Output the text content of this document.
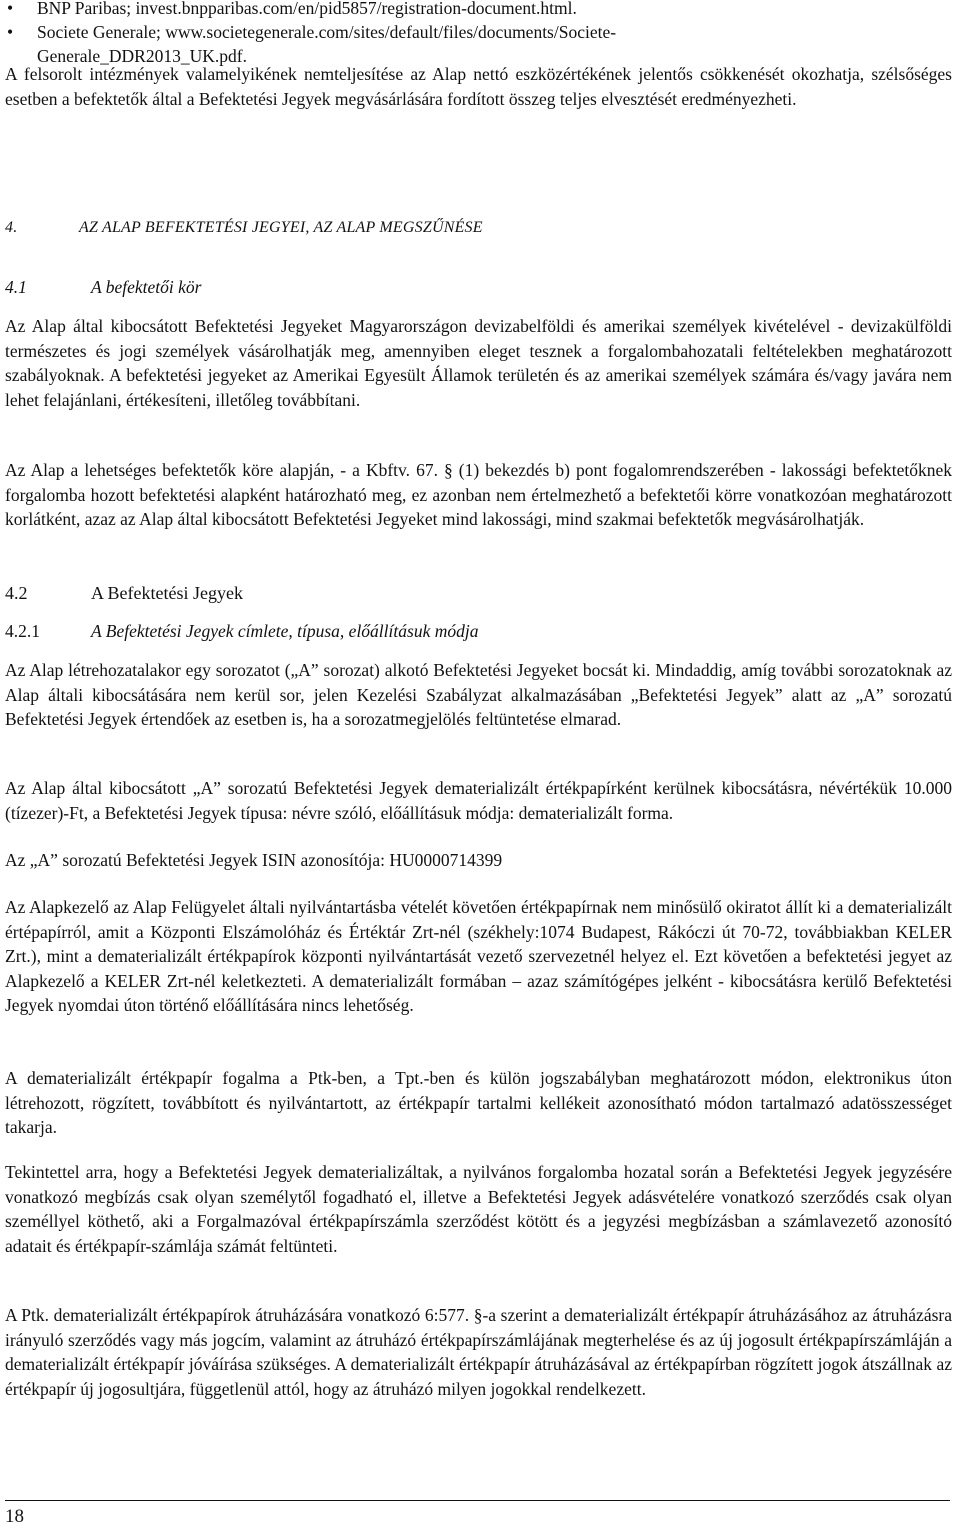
•	BNP Paribas; invest.bnpparibas.com/en/pid5857/registration-document.html.
•	Societe Generale; www.societegenerale.com/sites/default/files/documents/Societe-
Generale_DDR2013_UK.pdf.

A felsorolt intézmények valamelyikének nemteljesítése az Alap nettó eszközértékének jelentős csökkenését okozhatja, szélsőséges esetben a befektetők által a Befektetési Jegyek megvásárlására fordított összeg teljes elvesztését eredményezheti.

4.	AZ ALAP BEFEKTETÉSI JEGYEI, AZ ALAP MEGSZŰNÉSE
4.1	A befektetői kör

Az Alap által kibocsátott Befektetési Jegyeket Magyarországon devizabelföldi és amerikai személyek kivételével - devizakülföldi természetes és jogi személyek vásárolhatják meg, amennyiben eleget tesznek a forgalombahozatali feltételekben meghatározott szabályoknak. A befektetési jegyeket az Amerikai Egyesült Államok területén és az amerikai személyek számára és/vagy javára nem lehet felajánlani, értékesíteni, illetőleg továbbítani.

Az Alap a lehetséges befektetők köre alapján, - a Kbftv. 67. § (1) bekezdés b) pont fogalomrendszerében - lakossági befektetőknek forgalomba hozott befektetési alapként határozható meg, ez azonban nem értelmezhető a befektetői körre vonatkozóan meghatározott korlátként, azaz az Alap által kibocsátott Befektetési Jegyeket mind lakossági, mind szakmai befektetők megvásárolhatják.

4.2	A Befektetési Jegyek
4.2.1	A Befektetési Jegyek címlete, típusa, előállításuk módja

Az Alap létrehozatalakor egy sorozatot („A” sorozat) alkotó Befektetési Jegyeket bocsát ki. Mindaddig, amíg további sorozatoknak az Alap általi kibocsátására nem kerül sor, jelen Kezelési Szabályzat alkalmazásában „Befektetési Jegyek” alatt az „A” sorozatú Befektetési Jegyek értendőek az esetben is, ha a sorozatmegjelölés feltüntetése elmarad.

Az Alap által kibocsátott „A” sorozatú Befektetési Jegyek dematerializált értékpapírként kerülnek kibocsátásra, névértékük 10.000 (tízezer)-Ft, a Befektetési Jegyek típusa: névre szóló, előállításuk módja: dematerializált forma.

Az „A” sorozatú Befektetési Jegyek ISIN azonosítója: HU0000714399

Az Alapkezelő az Alap Felügyelet általi nyilvántartásba vételét követően értékpapírnak nem minősülő okiratot állít ki a dematerializált értépapírról, amit a Központi Elszámolóház és Értéktár Zrt-nél (székhely:1074 Budapest, Rákóczi út 70-72, továbbiakban KELER Zrt.), mint a dematerializált értékpapírok központi nyilvántartását vezető szervezetnél helyez el. Ezt követően a befektetési jegyet az Alapkezelő a KELER Zrt-nél keletkezteti. A dematerializált formában – azaz számítógépes jelként - kibocsátásra kerülő Befektetési Jegyek nyomdai úton történő előállítására nincs lehetőség.

A dematerializált értékpapír fogalma a Ptk-ben, a Tpt.-ben és külön jogszabályban meghatározott módon, elektronikus úton létrehozott, rögzített, továbbított és nyilvántartott, az értékpapír tartalmi kellékeit azonosítható módon tartalmazó adatösszességet takarja.

Tekintettel arra, hogy a Befektetési Jegyek dematerializáltak, a nyilvános forgalomba hozatal során a Befektetési Jegyek jegyzésére vonatkozó megbízás csak olyan személytől fogadható el, illetve a Befektetési Jegyek adásvételére vonatkozó szerződés csak olyan személlyel köthető, aki a Forgalmazóval értékpapírszámla szerződést kötött és a jegyzési megbízásban a számlavezető azonosító adatait és értékpapír-számlája számát feltünteti.

A Ptk. dematerializált értékpapírok átruházására vonatkozó 6:577. §-a szerint a dematerializált értékpapír átruházásához az átruházásra irányuló szerződés vagy más jogcím, valamint az átruházó értékpapírszámlájának megterhelése és az új jogosult értékpapírszámláján a dematerializált értékpapír jóváírása szükséges. A dematerializált értékpapír átruházásával az értékpapírban rögzített jogok átszállnak az értékpapír új jogosultjára, függetlenül attól, hogy az átruházó milyen jogokkal rendelkezett.

18
